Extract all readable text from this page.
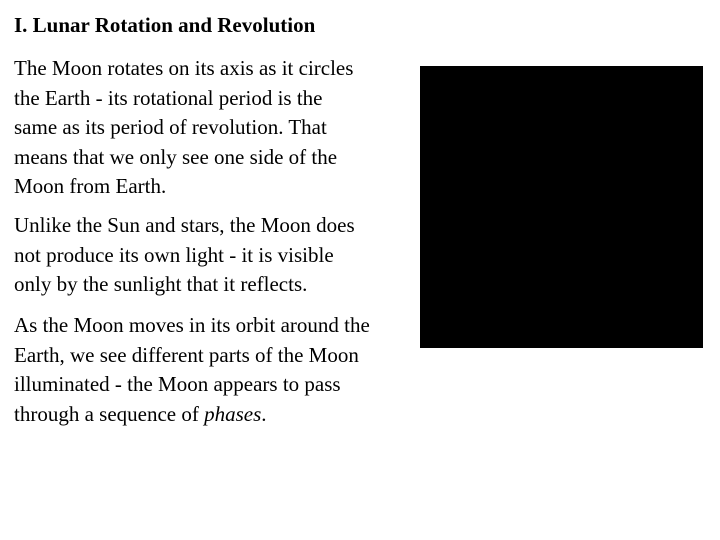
I. Lunar Rotation and Revolution
The Moon rotates on its axis as it circles
the Earth - its rotational period is the
same as its period of revolution. That
means that we only see one side of the
Moon from Earth.
Unlike the Sun and stars, the Moon does
not produce its own light - it is visible
only by the sunlight that it reflects.
As the Moon moves in its orbit around the
Earth, we see different parts of the Moon
illuminated - the Moon appears to pass
through a sequence of phases.
